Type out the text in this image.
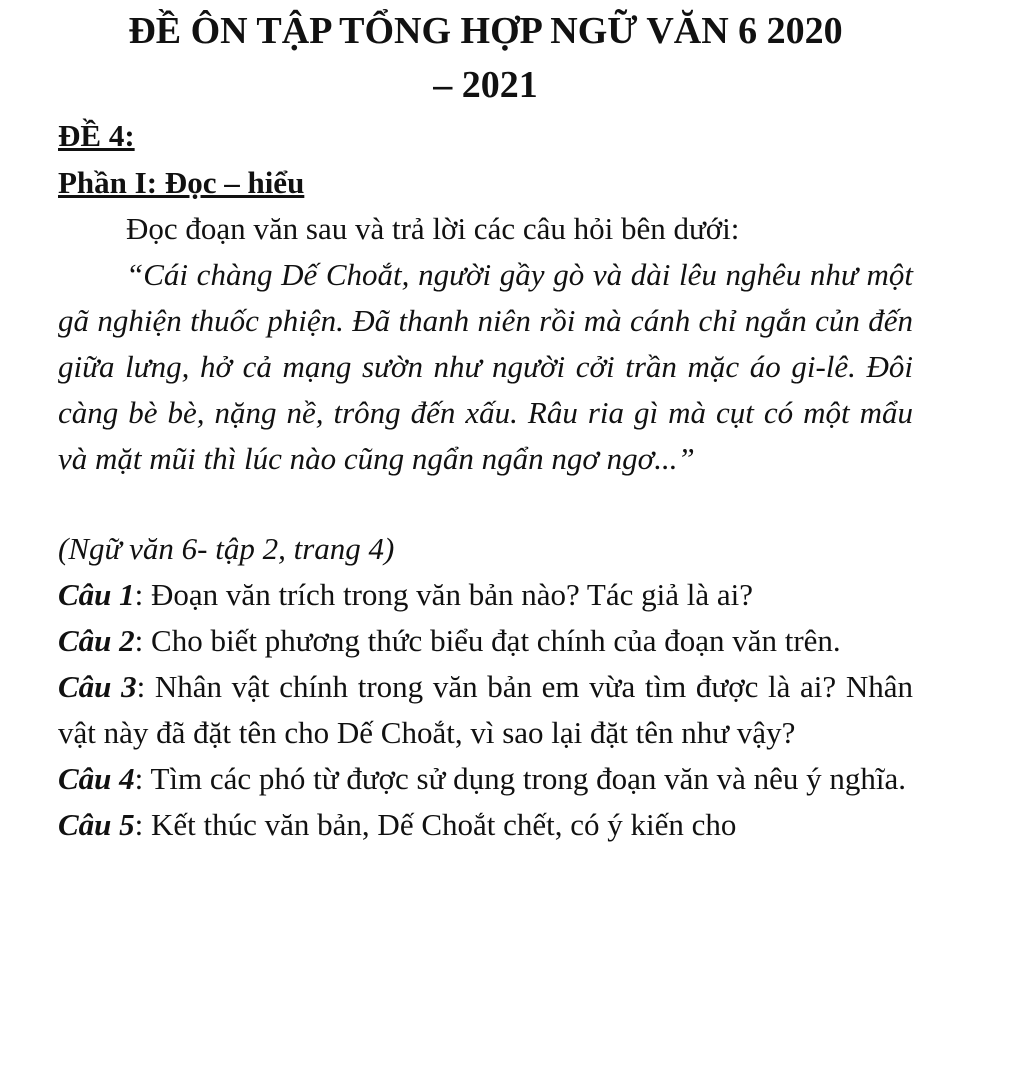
ĐỀ ÔN TẬP TỔNG HỢP NGỮ VĂN 6 2020
– 2021
ĐỀ 4:
Phần I: Đọc – hiểu
Đọc đoạn văn sau và trả lời các câu hỏi bên dưới:
“Cái chàng Dế Choắt, người gầy gò và dài lêu nghêu như một gã nghiện thuốc phiện. Đã thanh niên rồi mà cánh chỉ ngắn củn đến giữa lưng, hở cả mạng sườn như người cởi trần mặc áo gi-lê. Đôi càng bè bè, nặng nề, trông đến xấu. Râu ria gì mà cụt có một mẩu và mặt mũi thì lúc nào cũng ngẩn ngẩn ngơ ngơ...”
(Ngữ văn 6- tập 2, trang 4)
Câu 1: Đoạn văn trích trong văn bản nào? Tác giả là ai?
Câu 2: Cho biết phương thức biểu đạt chính của đoạn văn trên.
Câu 3: Nhân vật chính trong văn bản em vừa tìm được là ai? Nhân vật này đã đặt tên cho Dế Choắt, vì sao lại đặt tên như vậy?
Câu 4: Tìm các phó từ được sử dụng trong đoạn văn và nêu ý nghĩa.
Câu 5: Kết thúc văn bản, Dế Choắt chết, có ý kiến cho
